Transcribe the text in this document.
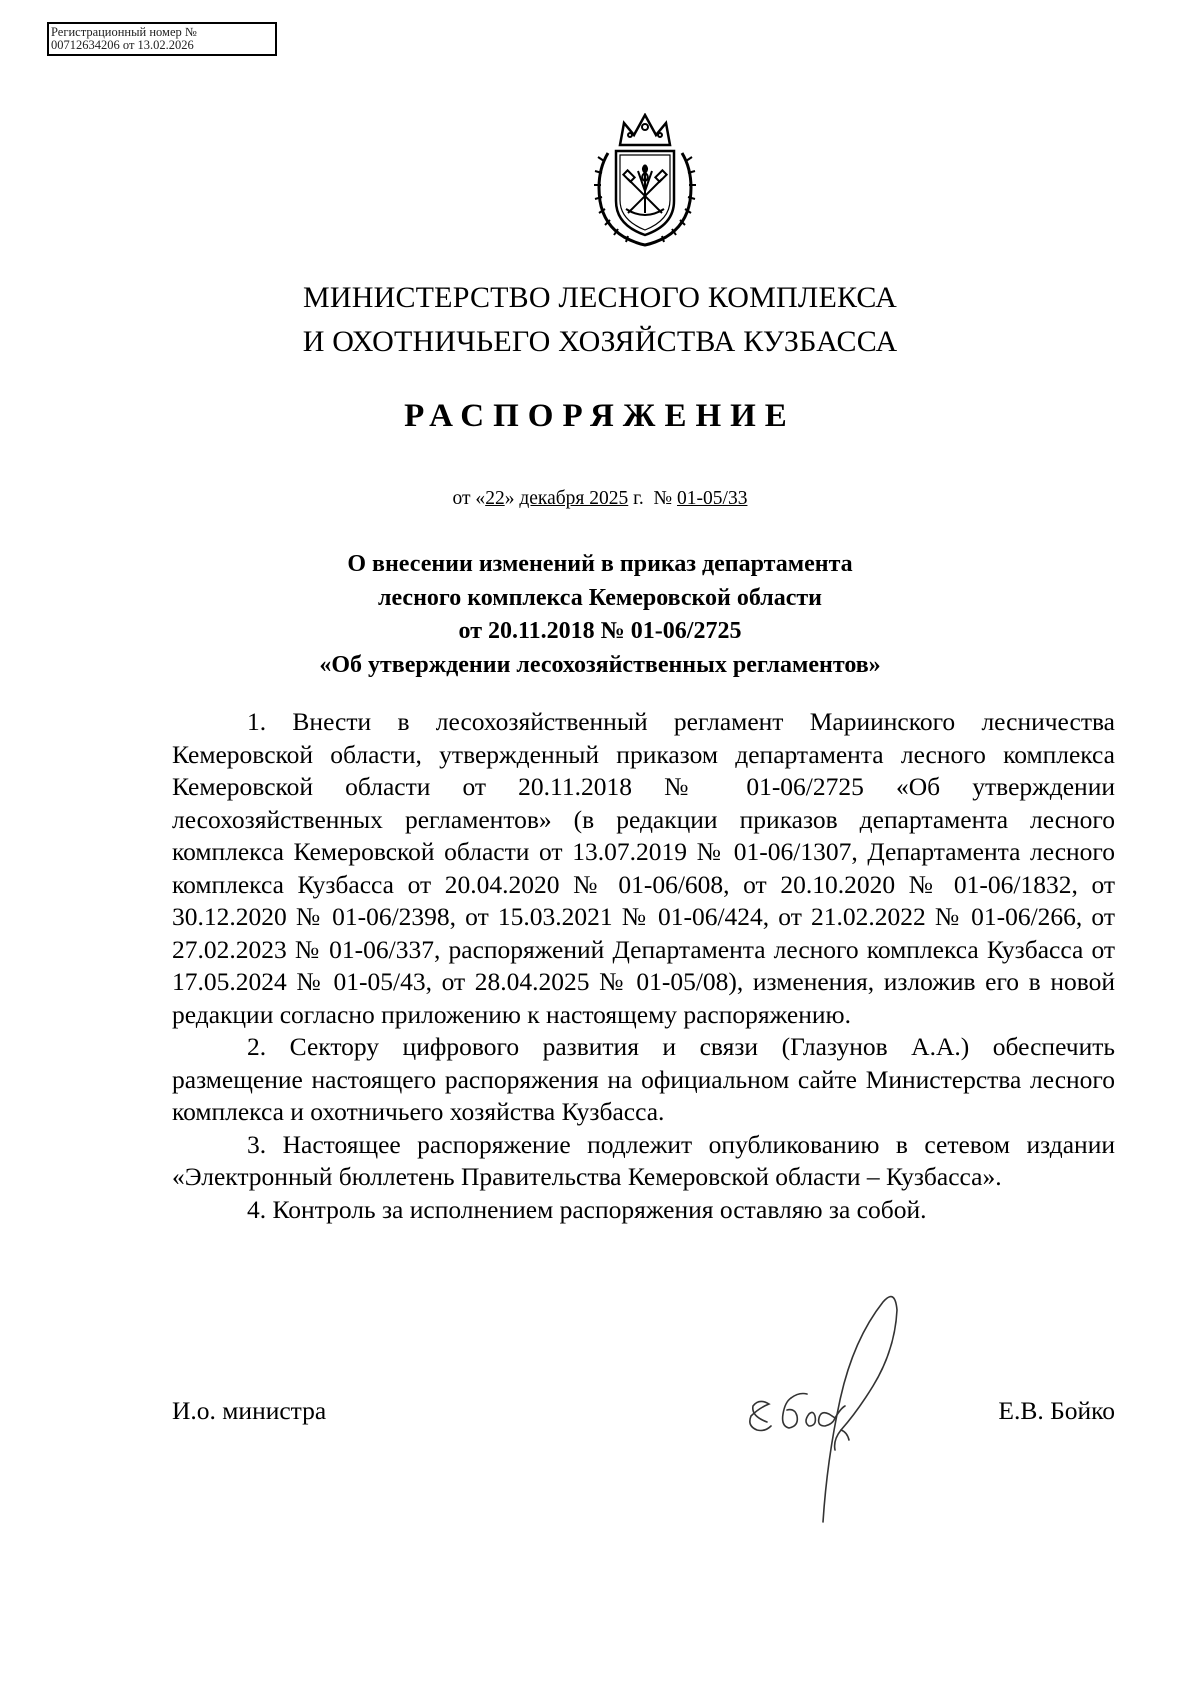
Регистрационный номер №
00712634206 от 13.02.2026
МИНИСТЕРСТВО ЛЕСНОГО КОМПЛЕКСА
И ОХОТНИЧЬЕГО ХОЗЯЙСТВА КУЗБАССА
РАСПОРЯЖЕНИЕ
от «22» декабря 2025 г.  № 01-05/33
О внесении изменений в приказ департамента
лесного комплекса Кемеровской области
от 20.11.2018 № 01-06/2725
«Об утверждении лесохозяйственных регламентов»

1. Внести в лесохозяйственный регламент Мариинского лесничества Кемеровской области, утвержденный приказом департамента лесного комплекса Кемеровской области от 20.11.2018 № 01-06/2725 «Об утверждении лесохозяйственных регламентов» (в редакции приказов департамента лесного комплекса Кемеровской области от 13.07.2019 № 01-06/1307, Департамента лесного комплекса Кузбасса от 20.04.2020 № 01-06/608, от 20.10.2020 № 01-06/1832, от 30.12.2020 № 01-06/2398, от 15.03.2021 № 01-06/424, от 21.02.2022 № 01-06/266, от 27.02.2023 № 01-06/337, распоряжений Департамента лесного комплекса Кузбасса от 17.05.2024 № 01-05/43, от 28.04.2025 № 01-05/08), изменения, изложив его в новой редакции согласно приложению к настоящему распоряжению.

2. Сектору цифрового развития и связи (Глазунов А.А.) обеспечить размещение настоящего распоряжения на официальном сайте Министерства лесного комплекса и охотничьего хозяйства Кузбасса.

3. Настоящее распоряжение подлежит опубликованию в сетевом издании «Электронный бюллетень Правительства Кемеровской области – Кузбасса».

4. Контроль за исполнением распоряжения оставляю за собой.

И.о. министра	Е.В. Бойко
